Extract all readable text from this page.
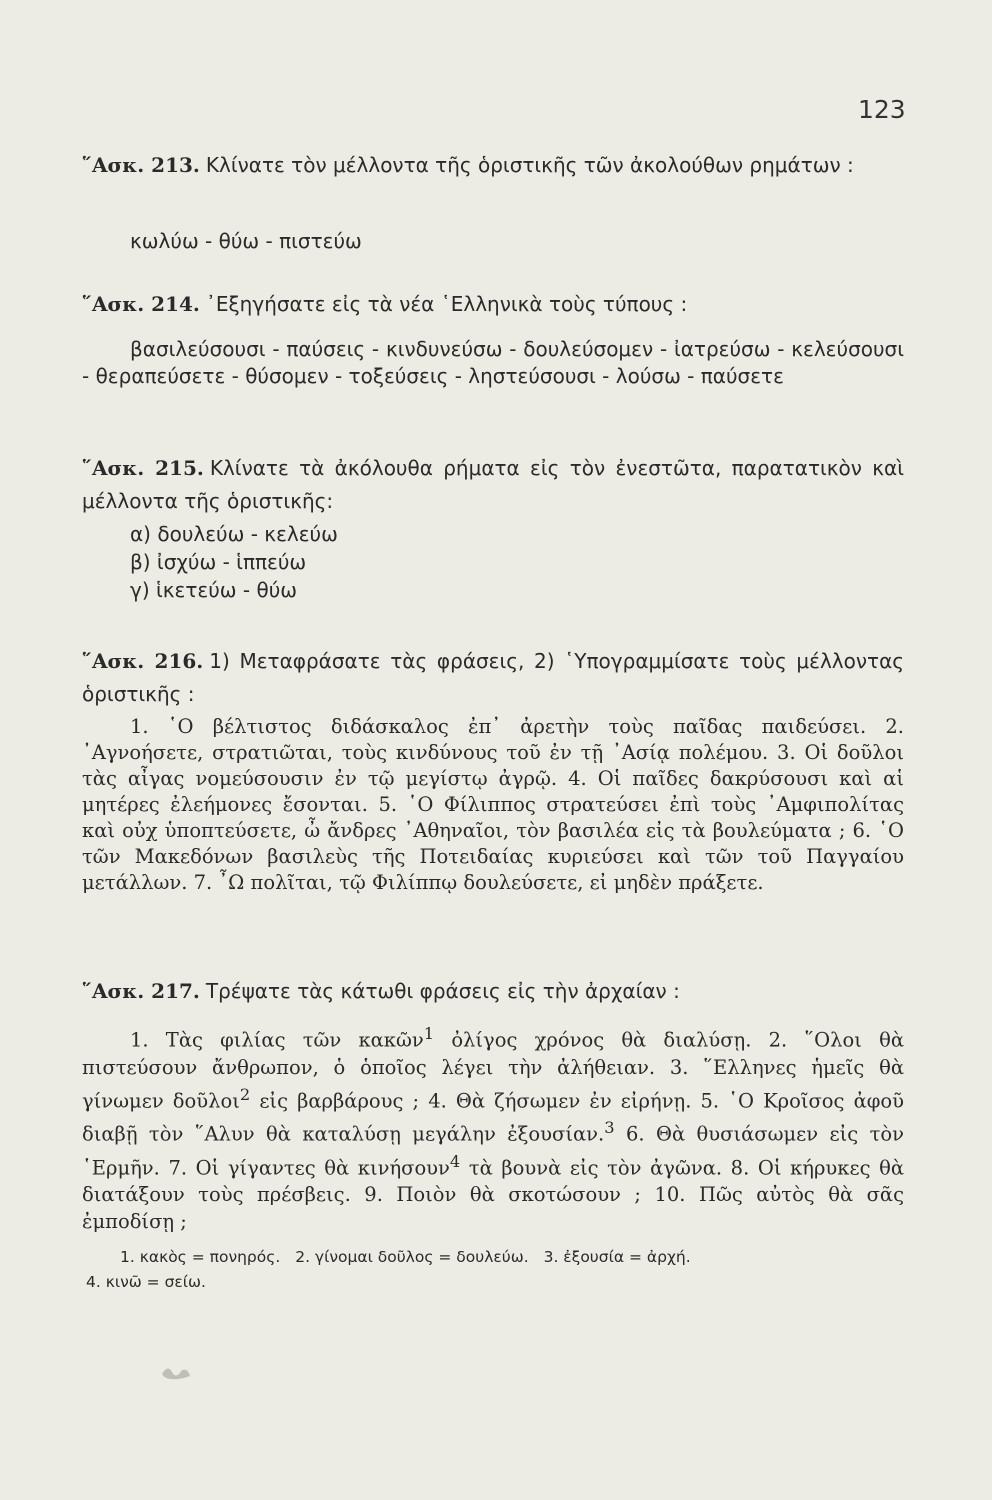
123
῞Ασκ. 213. Κλίνατε τὸν μέλλοντα τῆς ὁριστικῆς τῶν ἀκολούθων ρημάτων :
κωλύω - θύω - πιστεύω
῞Ασκ. 214. ᾽Εξηγήσατε εἰς τὰ νέα ῾Ελληνικὰ τοὺς τύπους :
βασιλεύσουσι - παύσεις - κινδυνεύσω - δουλεύσομεν - ἰατρεύσω - κελεύσουσι - θεραπεύσετε - θύσομεν - τοξεύσεις - ληστεύσουσι - λούσω - παύσετε
῞Ασκ. 215. Κλίνατε τὰ ἀκόλουθα ρήματα εἰς τὸν ἐνεστῶτα, παρατατικὸν καὶ μέλλοντα τῆς ὁριστικῆς:
α) δουλεύω - κελεύω
β) ἰσχύω - ἱππεύω
γ) ἱκετεύω - θύω
῞Ασκ. 216. 1) Μεταφράσατε τὰς φράσεις, 2) ῾Υπογραμμίσατε τοὺς μέλλοντας ὁριστικῆς :
1. ῾Ο βέλτιστος διδάσκαλος ἐπ᾽ ἀρετὴν τοὺς παῖδας παιδεύσει. 2. ᾽Αγνοήσετε, στρατιῶται, τοὺς κινδύνους τοῦ ἐν τῇ ᾽Ασίᾳ πολέμου. 3. Οἱ δοῦλοι τὰς αἶγας νομεύσουσιν ἐν τῷ μεγίστῳ ἀγρῷ. 4. Οἱ παῖδες δακρύσουσι καὶ αἱ μητέρες ἐλεήμονες ἔσονται. 5. ῾Ο Φίλιππος στρατεύσει ἐπὶ τοὺς ᾽Αμφιπολίτας καὶ οὐχ ὑποπτεύσετε, ὦ ἄνδρες ᾽Αθηναῖοι, τὸν βασιλέα εἰς τὰ βουλεύματα ; 6. ῾Ο τῶν Μακεδόνων βασιλεὺς τῆς Ποτειδαίας κυριεύσει καὶ τῶν τοῦ Παγγαίου μετάλλων. 7. ῏Ω πολῖται, τῷ Φιλίππῳ δουλεύσετε, εἰ μηδὲν πράξετε.
῞Ασκ. 217. Τρέψατε τὰς κάτωθι φράσεις εἰς τὴν ἀρχαίαν :
1. Τὰς φιλίας τῶν κακῶν$^1$ ὀλίγος χρόνος θὰ διαλύσῃ. 2. ῞Ολοι θὰ πιστεύσουν ἄνθρωπον, ὁ ὁποῖος λέγει τὴν ἀλήθειαν. 3. ῞Ελληνες ἡμεῖς θὰ γίνωμεν δοῦλοι$^2$ εἰς βαρβάρους ; 4. Θὰ ζήσωμεν ἐν εἰρήνῃ. 5. ῾Ο Κροῖσος ἀφοῦ διαβῇ τὸν ῞Αλυν θὰ καταλύσῃ μεγάλην ἐξουσίαν.$^3$ 6. Θὰ θυσιάσωμεν εἰς τὸν ῾Ερμῆν. 7. Οἱ γίγαντες θὰ κινήσουν$^4$ τὰ βουνὰ εἰς τὸν ἀγῶνα. 8. Οἱ κήρυκες θὰ διατάξουν τοὺς πρέσβεις. 9. Ποιὸν θὰ σκοτώσουν ; 10. Πῶς αὐτὸς θὰ σᾶς ἐμποδίσῃ ;
1. κακὸς = πονηρός. 2. γίνομαι δοῦλος = δουλεύω. 3. ἐξουσία = ἀρχή.
4. κινῶ = σείω.
